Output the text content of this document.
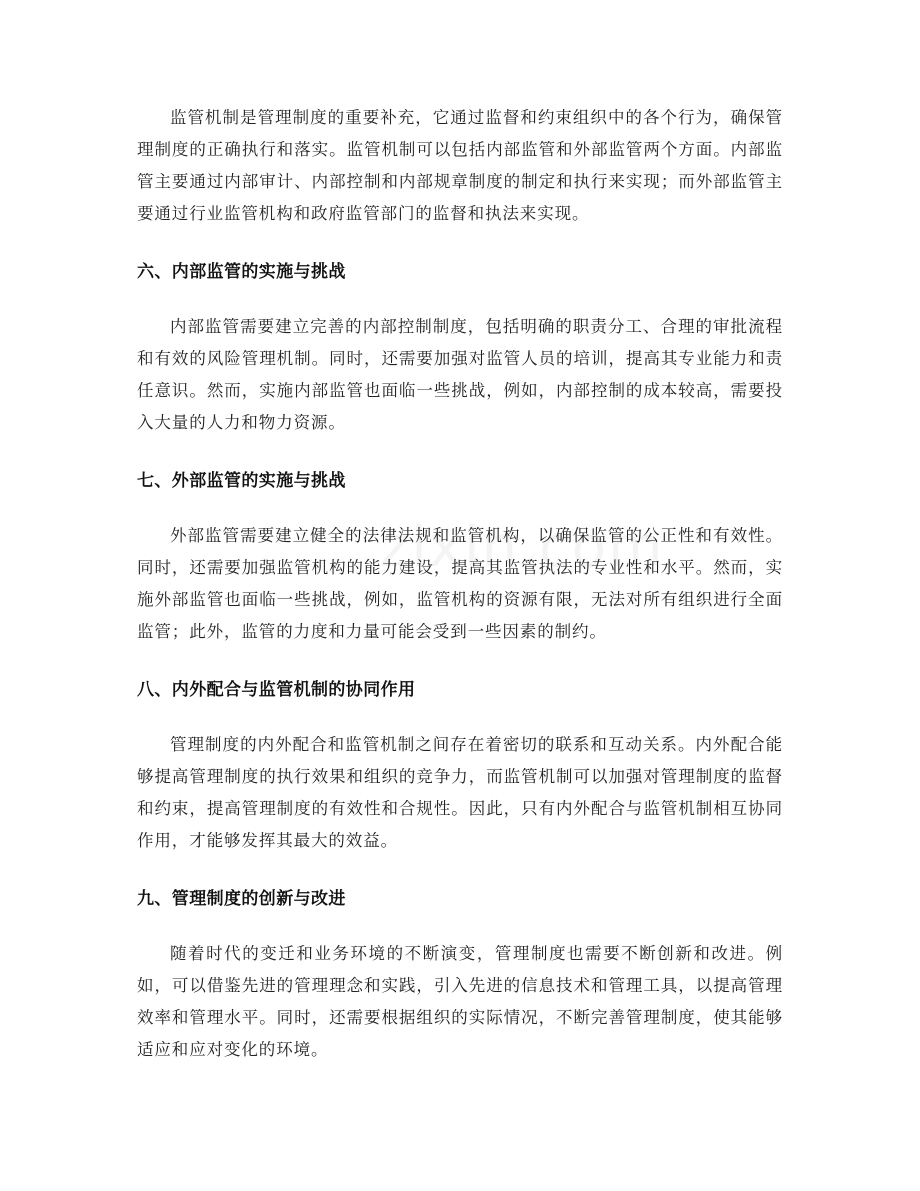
监管机制是管理制度的重要补充，它通过监督和约束组织中的各个行为，确保管理制度的正确执行和落实。监管机制可以包括内部监管和外部监管两个方面。内部监管主要通过内部审计、内部控制和内部规章制度的制定和执行来实现；而外部监管主要通过行业监管机构和政府监管部门的监督和执法来实现。

六、内部监管的实施与挑战

内部监管需要建立完善的内部控制制度，包括明确的职责分工、合理的审批流程和有效的风险管理机制。同时，还需要加强对监管人员的培训，提高其专业能力和责任意识。然而，实施内部监管也面临一些挑战，例如，内部控制的成本较高，需要投入大量的人力和物力资源。

七、外部监管的实施与挑战

外部监管需要建立健全的法律法规和监管机构，以确保监管的公正性和有效性。同时，还需要加强监管机构的能力建设，提高其监管执法的专业性和水平。然而，实施外部监管也面临一些挑战，例如，监管机构的资源有限，无法对所有组织进行全面监管；此外，监管的力度和力量可能会受到一些因素的制约。

八、内外配合与监管机制的协同作用

管理制度的内外配合和监管机制之间存在着密切的联系和互动关系。内外配合能够提高管理制度的执行效果和组织的竞争力，而监管机制可以加强对管理制度的监督和约束，提高管理制度的有效性和合规性。因此，只有内外配合与监管机制相互协同作用，才能够发挥其最大的效益。

九、管理制度的创新与改进

随着时代的变迁和业务环境的不断演变，管理制度也需要不断创新和改进。例如，可以借鉴先进的管理理念和实践，引入先进的信息技术和管理工具，以提高管理效率和管理水平。同时，还需要根据组织的实际情况，不断完善管理制度，使其能够适应和应对变化的环境。
